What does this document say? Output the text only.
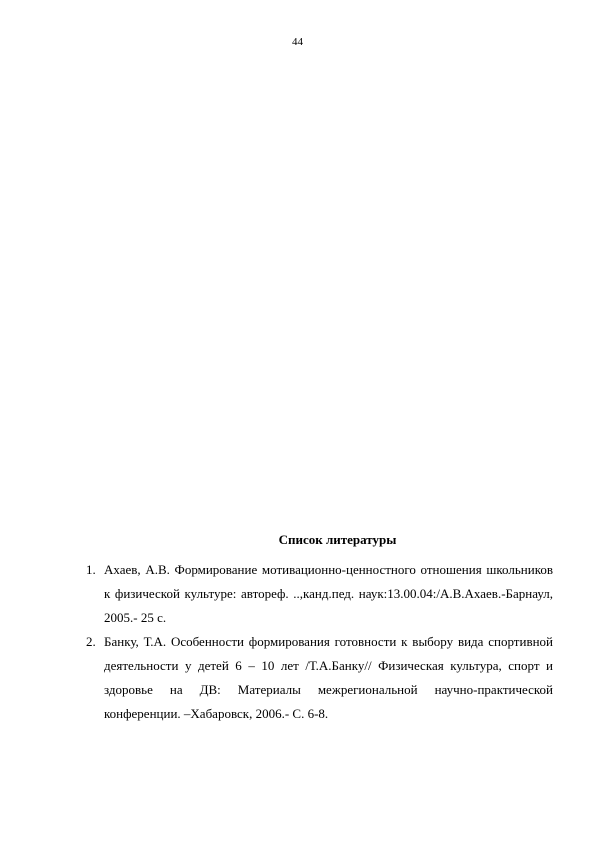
44
Список литературы
1. Ахаев, А.В. Формирование мотивационно-ценностного отношения школьников к физической культуре: автореф. ..,канд.пед. наук:13.00.04:/А.В.Ахаев.-Барнаул, 2005.- 25 с.
2. Банку, Т.А. Особенности формирования готовности к выбору вида спортивной деятельности у детей 6 – 10 лет /Т.А.Банку// Физическая культура, спорт и здоровье на ДВ: Материалы межрегиональной научно-практической конференции. –Хабаровск, 2006.- С. 6-8.
